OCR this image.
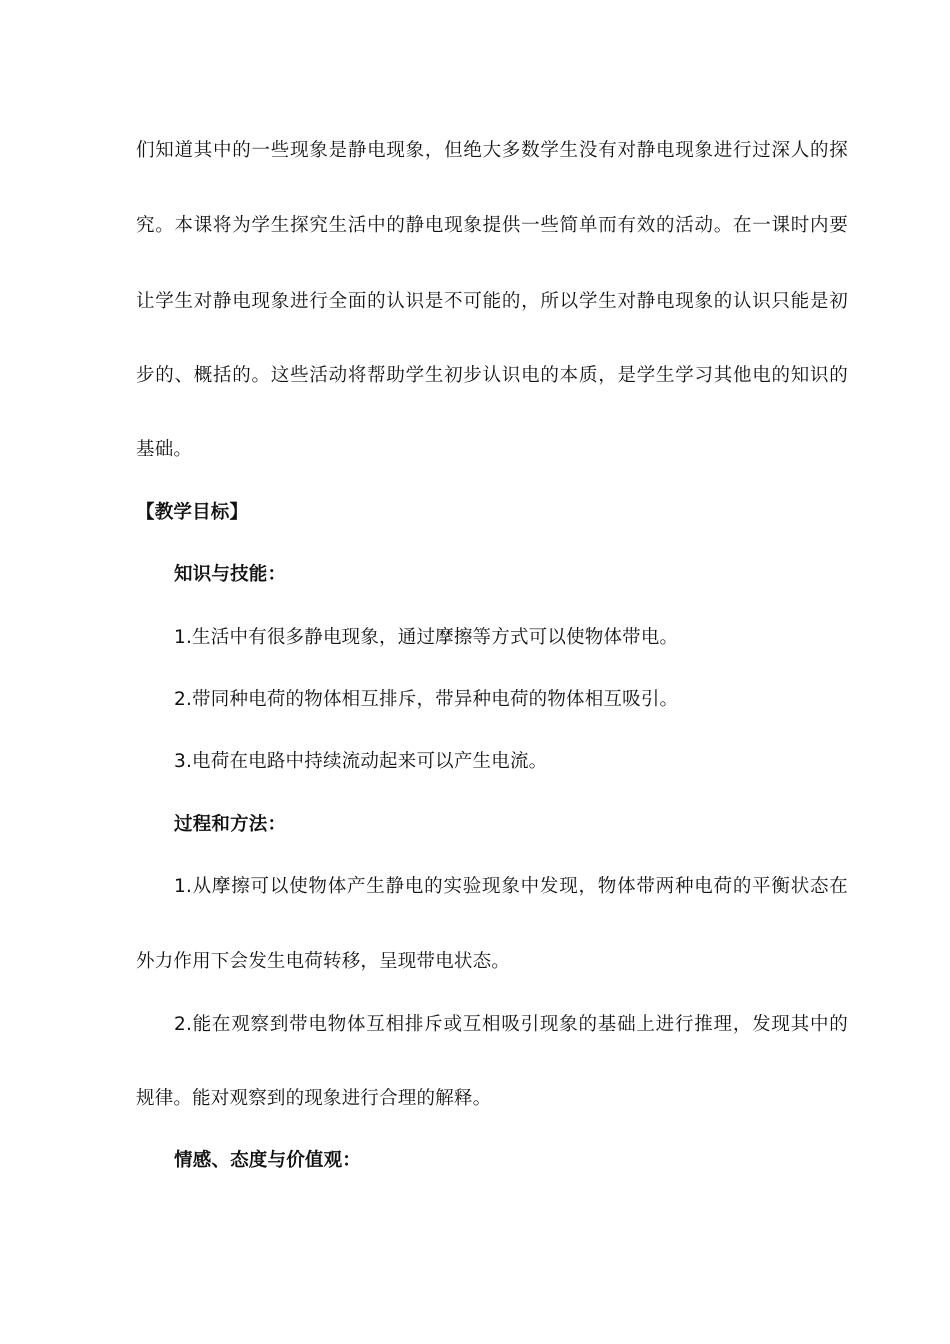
们知道其中的一些现象是静电现象，但绝大多数学生没有对静电现象进行过深人的探
究。本课将为学生探究生活中的静电现象提供一些简单而有效的活动。在一课时内要
让学生对静电现象进行全面的认识是不可能的，所以学生对静电现象的认识只能是初
步的、概括的。这些活动将帮助学生初步认识电的本质，是学生学习其他电的知识的
基础。
【教学目标】
知识与技能：
1.生活中有很多静电现象，通过摩擦等方式可以使物体带电。
2.带同种电荷的物体相互排斥，带异种电荷的物体相互吸引。
3.电荷在电路中持续流动起来可以产生电流。
过程和方法：
1.从摩擦可以使物体产生静电的实验现象中发现，物体带两种电荷的平衡状态在
外力作用下会发生电荷转移，呈现带电状态。
2.能在观察到带电物体互相排斥或互相吸引现象的基础上进行推理，发现其中的
规律。能对观察到的现象进行合理的解释。
情感、态度与价值观：
